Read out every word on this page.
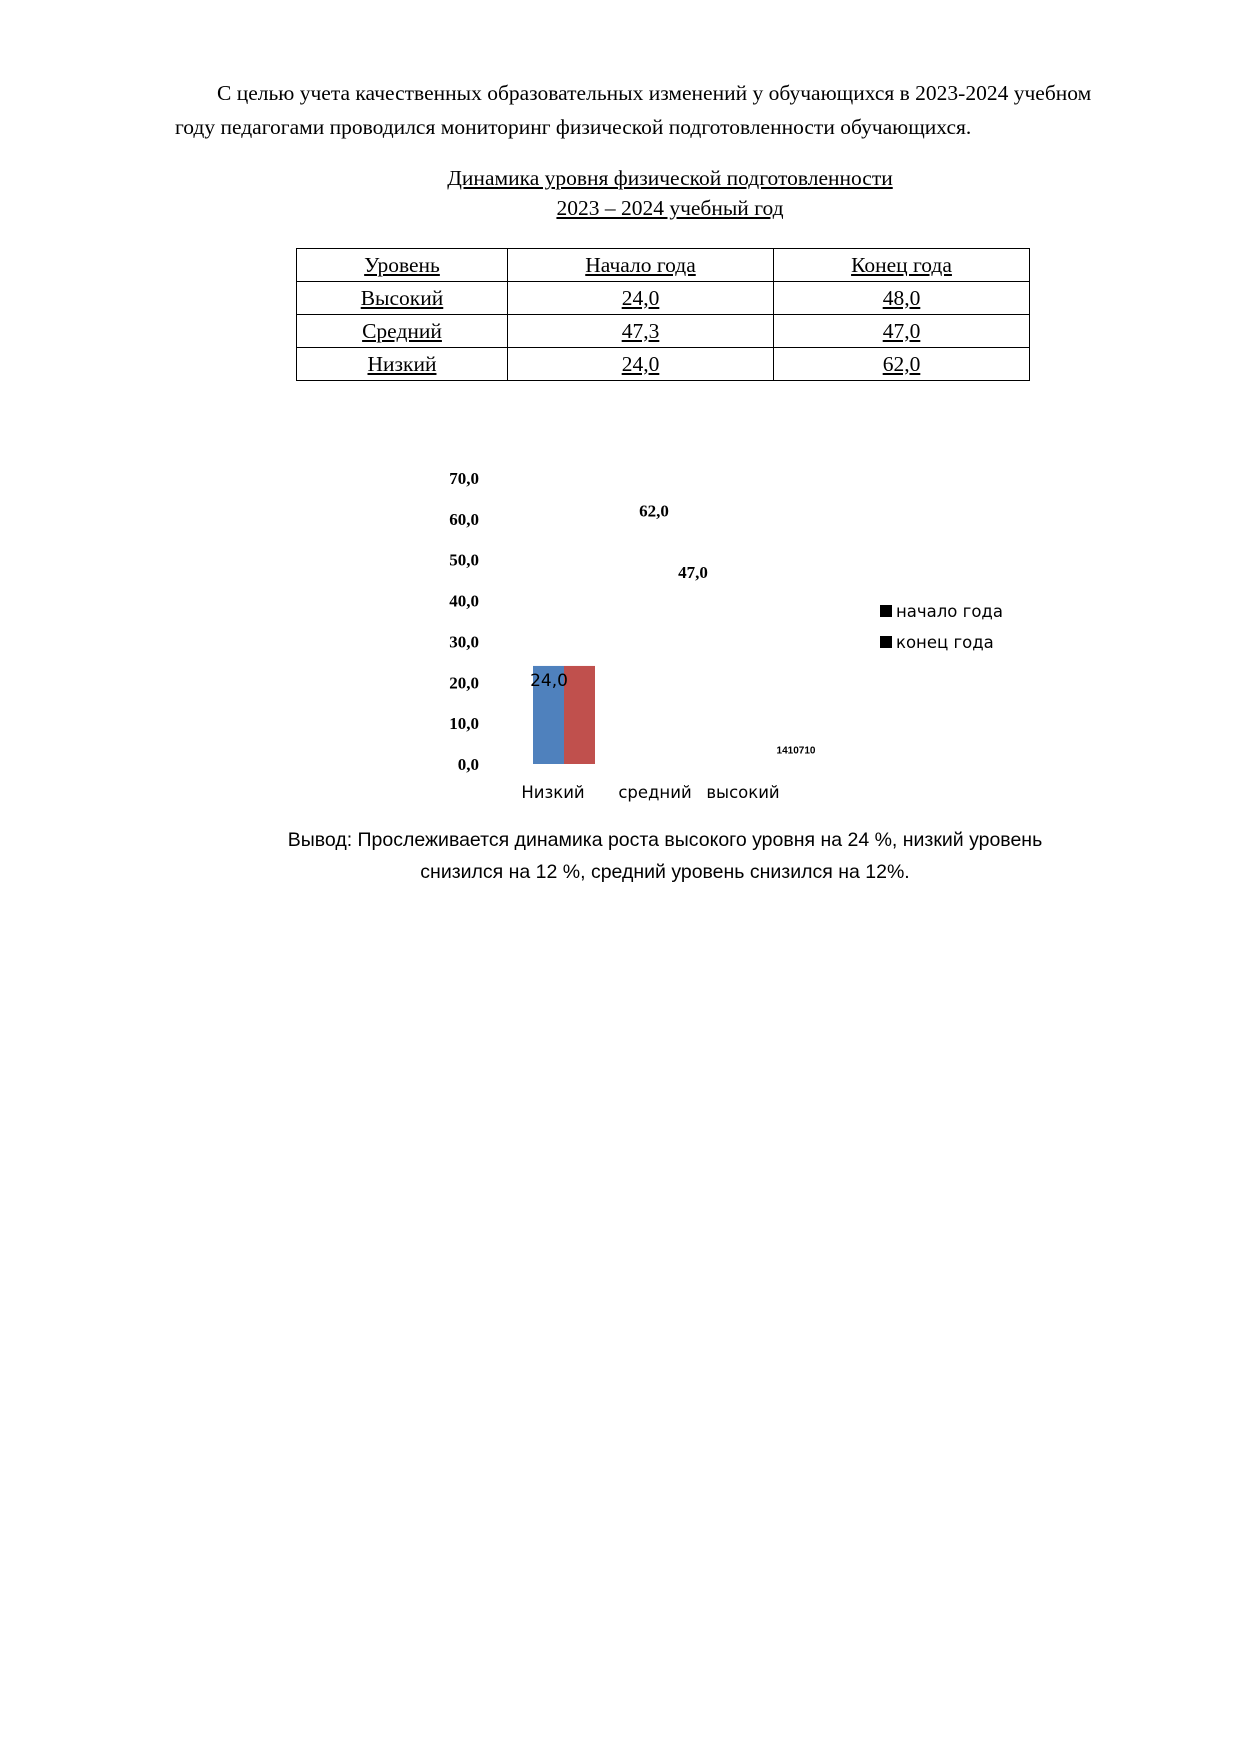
С целью учета качественных образовательных изменений у обучающихся в 2023-2024 учебном
году педагогами проводился мониторинг физической подготовленности обучающихся.
Динамика уровня физической подготовленности
2023 – 2024 учебный год
Уровень	Начало года	Конец года
Высокий	24,0	48,0
Средний	47,3	47,0
Низкий	24,0	62,0
0,0
10,0
20,0
30,0
40,0
50,0
60,0
70,0
Низкий средний высокий
24,0
62,0
47,0
1410710
начало года
конец года
Вывод: Прослеживается динамика роста высокого уровня на 24 %, низкий уровень
снизился на 12 %, средний уровень снизился на 12%.
